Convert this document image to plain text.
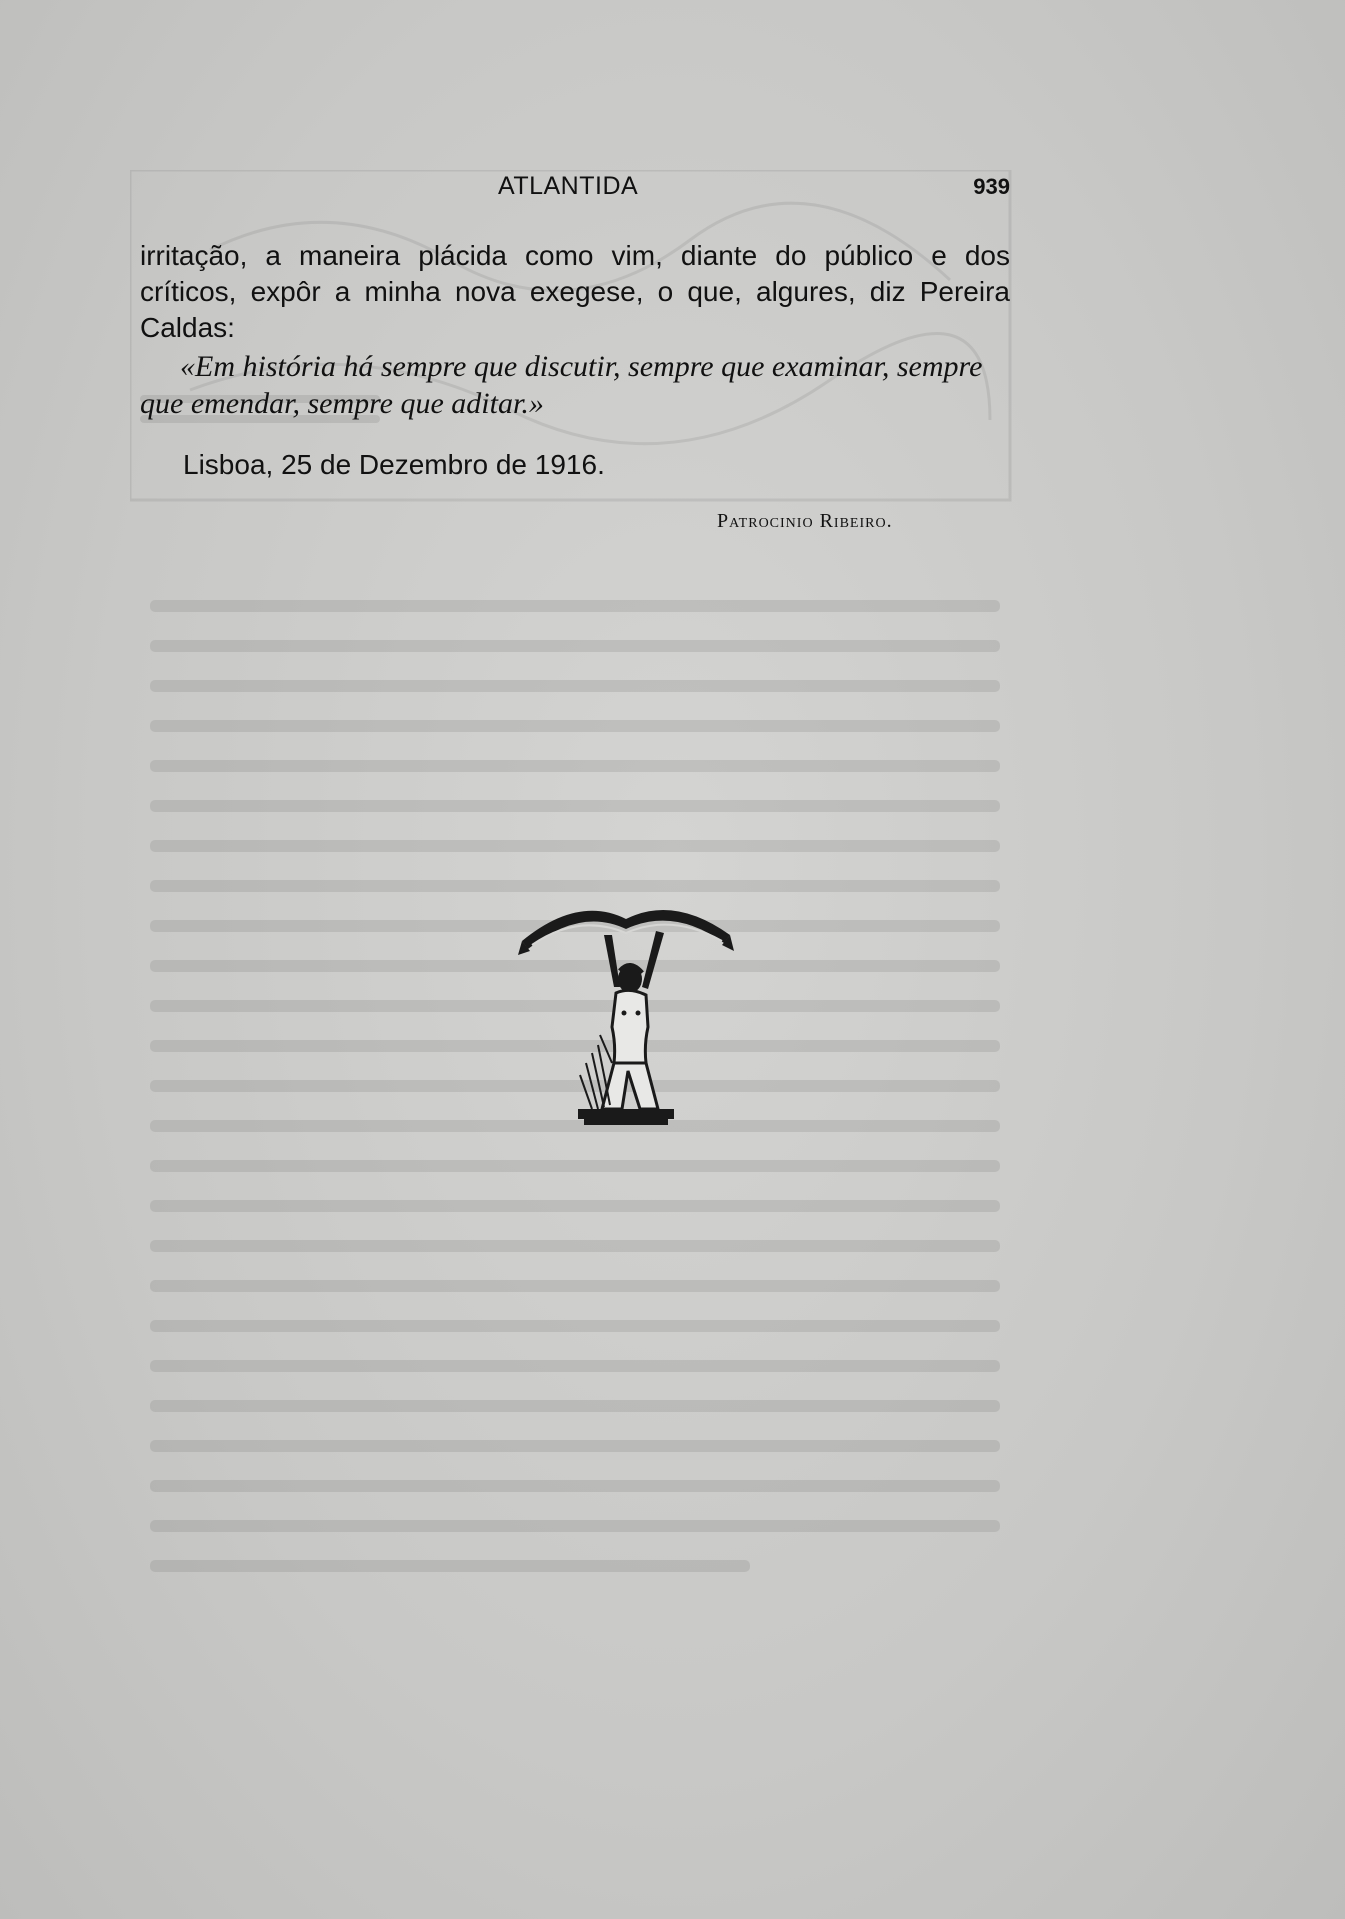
ATLANTIDA	939

irritação, a maneira plácida como vim, diante do público e dos críticos, expôr a minha nova exegese, o que, algures, diz Pereira Caldas:

«Em história há sempre que discutir, sempre que examinar, sempre que emendar, sempre que aditar.»

Lisboa, 25 de Dezembro de 1916.
Patrocinio Ribeiro.
